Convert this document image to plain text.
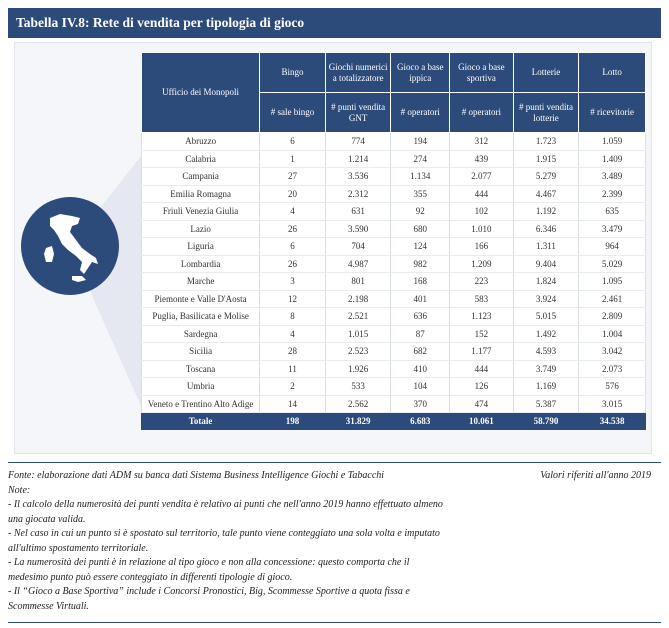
Tabella IV.8: Rete di vendita per tipologia di gioco
Ufficio dei Monopoli	Bingo	Giochi numerici a totalizzatore	Gioco a base ippica	Gioco a base sportiva	Lotterie	Lotto
	# sale bingo	# punti vendita GNT	# operatori	# operatori	# punti vendita lotterie	# ricevitorie
Abruzzo	6	774	194	312	1.723	1.059
Calabria	1	1.214	274	439	1.915	1.409
Campania	27	3.536	1.134	2.077	5.279	3.489
Emilia Romagna	20	2.312	355	444	4.467	2.399
Friuli Venezia Giulia	4	631	92	102	1.192	635
Lazio	26	3.590	680	1.010	6.346	3.479
Liguria	6	704	124	166	1.311	964
Lombardia	26	4.987	982	1.209	9.404	5.029
Marche	3	801	168	223	1.824	1.095
Piemonte e Valle D'Aosta	12	2.198	401	583	3.924	2.461
Puglia, Basilicata e Molise	8	2.521	636	1.123	5.015	2.809
Sardegna	4	1.015	87	152	1.492	1.004
Sicilia	28	2.523	682	1.177	4.593	3.042
Toscana	11	1.926	410	444	3.749	2.073
Umbria	2	533	104	126	1.169	576
Veneto e Trentino Alto Adige	14	2.562	370	474	5.387	3.015
Totale	198	31.829	6.683	10.061	58.790	34.538
Fonte: elaborazione dati ADM su banca dati Sistema Business Intelligence Giochi e Tabacchi	Valori riferiti all'anno 2019

Note:

- Il calcolo della numerosità dei punti vendita è relativo ai punti che nell'anno 2019 hanno effettuato almeno

una giocata valida.

- Nel caso in cui un punto si è spostato sul territorio, tale punto viene conteggiato una sola volta e imputato

all'ultimo spostamento territoriale.

- La numerosità dei punti è in relazione al tipo gioco e non alla concessione: questo comporta che il

medesimo punto può essere conteggiato in differenti tipologie di gioco.

- Il “Gioco a Base Sportiva” include i Concorsi Pronostici, Big, Scommesse Sportive a quota fissa e

Scommesse Virtuali.
